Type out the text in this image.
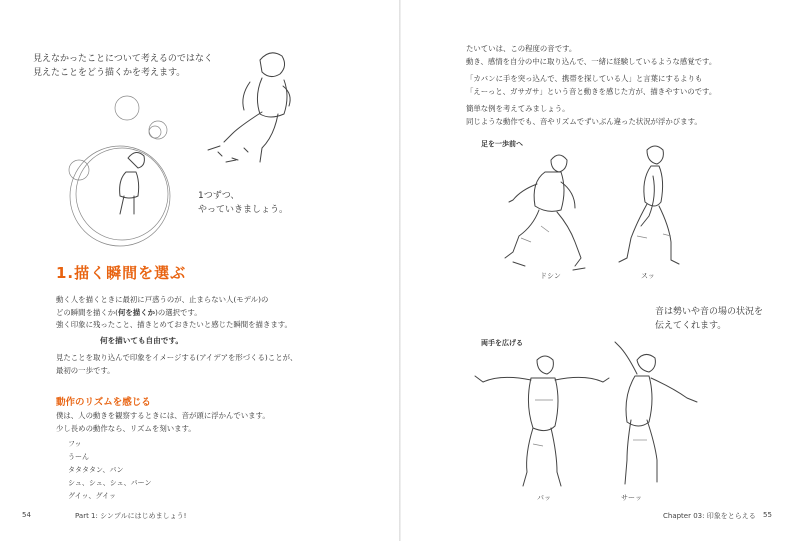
見えなかったことについて考えるのではなく
見えたことをどう描くかを考えます。
1つずつ、
やっていきましょう。
1.描く瞬間を選ぶ

動く人を描くときに最初に戸惑うのが、止まらない人(モデル)の

どの瞬間を描くか(何を描くか)の選択です。

強く印象に残ったこと、描きとめておきたいと感じた瞬間を描きます。

何を描いても自由です。

見たことを取り込んで印象をイメージする(アイデアを形づくる)ことが、

最初の一歩です。

動作のリズムを感じる

僕は、人の動きを観察するときには、音が頭に浮かんでいます。

少し長めの動作なら、リズムを刻います。

フッ
うーん
タタタタン、パン
シュ、シュ、シュ、パーン
グイッ、グイッ
54	Part 1: シンプルにはじめましょう!

たいていは、この程度の音です。

動き、感情を自分の中に取り込んで、一緒に経験しているような感覚です。

「カバンに手を突っ込んで、携帯を探している人」と言葉にするよりも

「えーっと、ガサガサ」という音と動きを感じた方が、描きやすいのです。

簡単な例を考えてみましょう。

同じような動作でも、音やリズムでずいぶん違った状況が浮かびます。

足を一歩前へ
ドシン	スッ
音は勢いや音の場の状況を
伝えてくれます。
両手を広げる
パッ	サーッ
Chapter 03: 印象をとらえる 55
